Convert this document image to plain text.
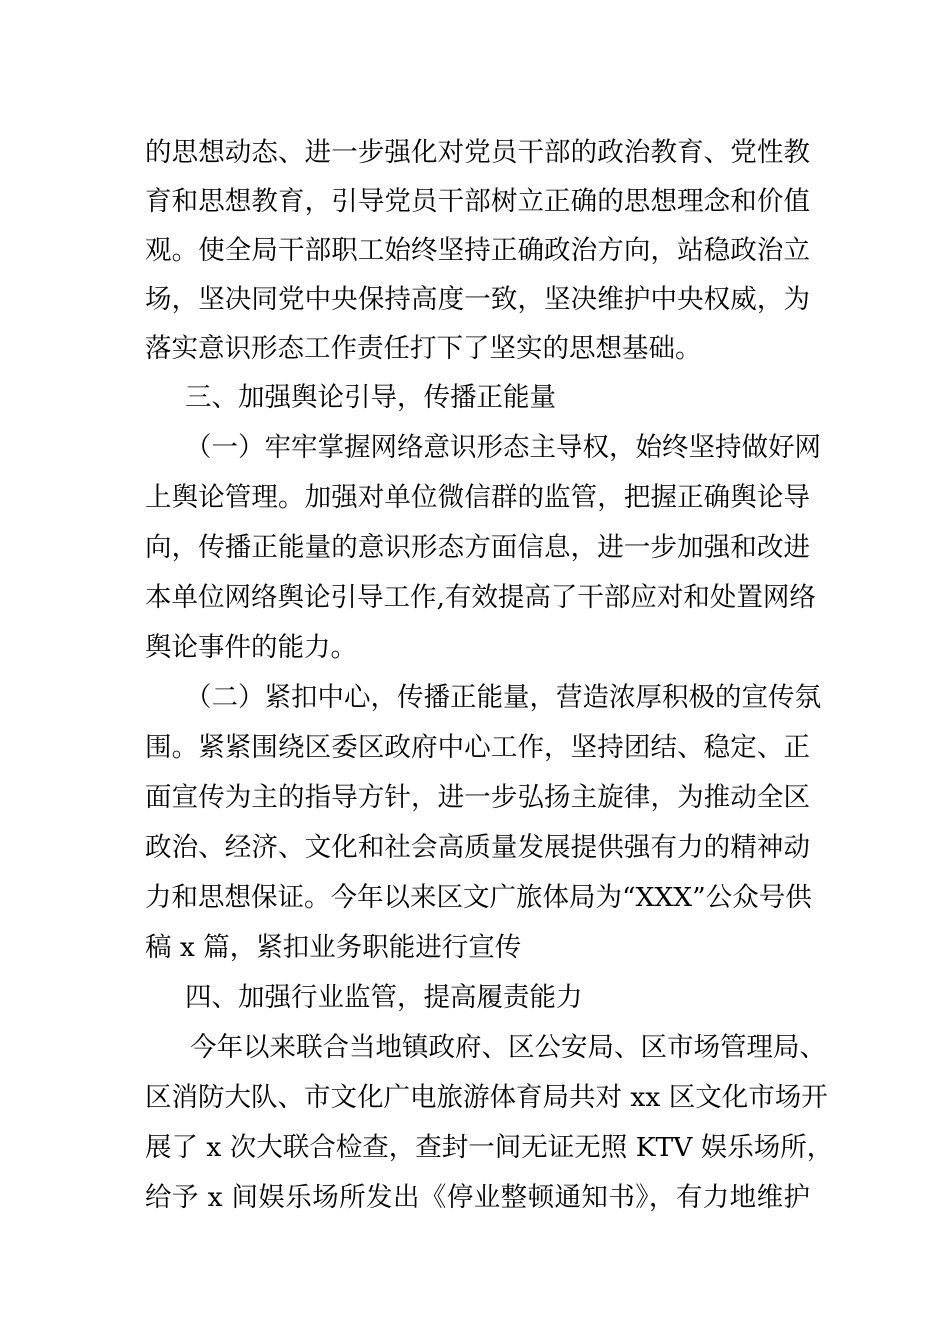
的思想动态、进一步强化对党员干部的政治教育、党性教
育和思想教育，引导党员干部树立正确的思想理念和价值
观。使全局干部职工始终坚持正确政治方向，站稳政治立
场，坚决同党中央保持高度一致，坚决维护中央权威，为
落实意识形态工作责任打下了坚实的思想基础。
三、加强舆论引导，传播正能量
（一）牢牢掌握网络意识形态主导权，始终坚持做好网
上舆论管理。加强对单位微信群的监管，把握正确舆论导
向，传播正能量的意识形态方面信息，进一步加强和改进
本单位网络舆论引导工作,有效提高了干部应对和处置网络
舆论事件的能力。
（二）紧扣中心，传播正能量，营造浓厚积极的宣传氛
围。紧紧围绕区委区政府中心工作，坚持团结、稳定、正
面宣传为主的指导方针，进一步弘扬主旋律，为推动全区
政治、经济、文化和社会高质量发展提供强有力的精神动
力和思想保证。今年以来区文广旅体局为“XXX”公众号供
稿 x 篇，紧扣业务职能进行宣传
四、加强行业监管，提高履责能力
今年以来联合当地镇政府、区公安局、区市场管理局、
区消防大队、市文化广电旅游体育局共对 xx 区文化市场开
展了 x 次大联合检查，查封一间无证无照 KTV 娱乐场所，
给予 x 间娱乐场所发出《停业整顿通知书》，有力地维护
